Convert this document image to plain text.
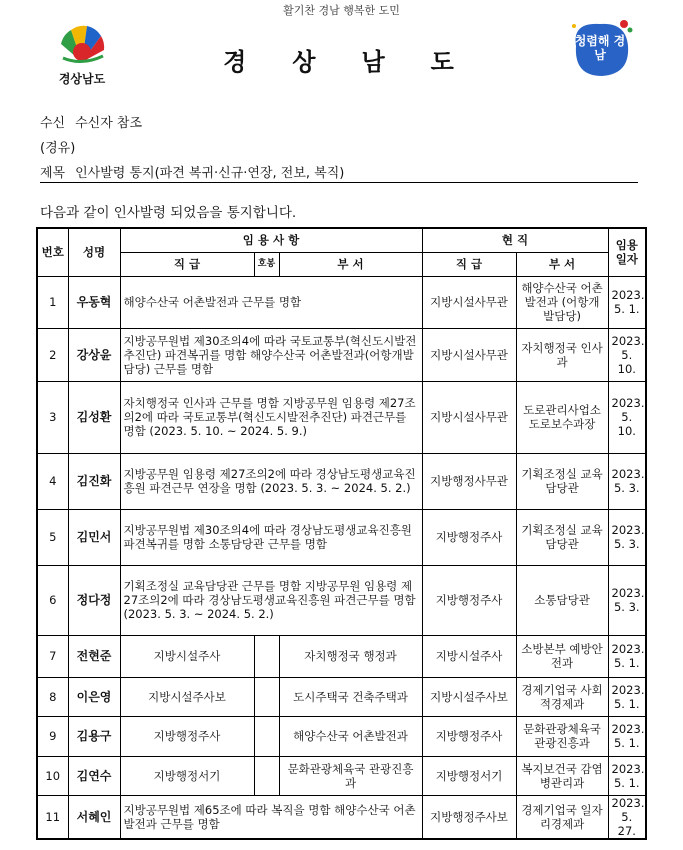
활기찬 경남 행복한 도민
경상남도
경상남도
청렴해 경남
수신 수신자 참조
(경유)
제목 인사발령 통지(파견 복귀·신규·연장, 전보, 복직)
다음과 같이 인사발령 되었음을 통지합니다.
번호	성명	임 용 사 항			현 직		임용 일자
		직 급	호봉	부 서	직 급	부 서	
1	우동혁	해양수산국 어촌발전과 근무를 명함			지방시설사무관	해양수산국 어촌발전과 (어항개발담당)	2023. 5. 1.
2	강상윤	지방공무원법 제30조의4에 따라 국토교통부(혁신도시발전추진단) 파견복귀를 명함 해양수산국 어촌발전과(어항개발담당) 근무를 명함			지방시설사무관	자치행정국 인사과	2023. 5. 10.
3	김성환	자치행정국 인사과 근무를 명함 지방공무원 임용령 제27조의2에 따라 국토교통부(혁신도시발전추진단) 파견근무를 명함 (2023. 5. 10. ~ 2024. 5. 9.)			지방시설사무관	도로관리사업소 도로보수과장	2023. 5. 10.
4	김진화	지방공무원 임용령 제27조의2에 따라 경상남도평생교육진흥원 파견근무 연장을 명함 (2023. 5. 3. ~ 2024. 5. 2.)			지방행정사무관	기획조정실 교육담당관	2023. 5. 3.
5	김민서	지방공무원법 제30조의4에 따라 경상남도평생교육진흥원 파견복귀를 명함 소통담당관 근무를 명함			지방행정주사	기획조정실 교육담당관	2023. 5. 3.
6	정다정	기획조정실 교육담당관 근무를 명함 지방공무원 임용령 제27조의2에 따라 경상남도평생교육진흥원 파견근무를 명함 (2023. 5. 3. ~ 2024. 5. 2.)			지방행정주사	소통담당관	2023. 5. 3.
7	전현준	지방시설주사		자치행정국 행정과	지방시설주사	소방본부 예방안전과	2023. 5. 1.
8	이은영	지방시설주사보		도시주택국 건축주택과	지방시설주사보	경제기업국 사회적경제과	2023. 5. 1.
9	김용구	지방행정주사		해양수산국 어촌발전과	지방행정주사	문화관광체육국 관광진흥과	2023. 5. 1.
10	김연수	지방행정서기		문화관광체육국 관광진흥과	지방행정서기	복지보건국 감염병관리과	2023. 5. 1.
11	서혜인	지방공무원법 제65조에 따라 복직을 명함 해양수산국 어촌발전과 근무를 명함			지방행정주사보	경제기업국 일자리경제과	2023. 5. 27.
